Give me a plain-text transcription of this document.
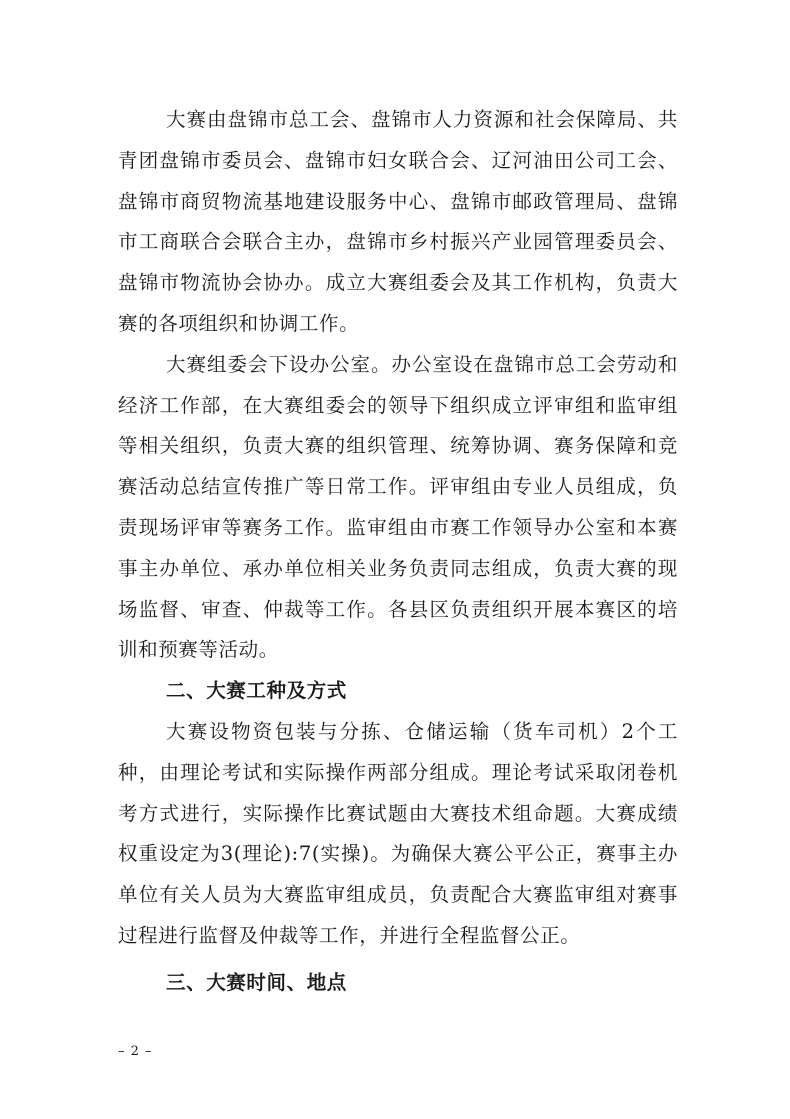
大赛由盘锦市总工会、盘锦市人力资源和社会保障局、共青团盘锦市委员会、盘锦市妇女联合会、辽河油田公司工会、盘锦市商贸物流基地建设服务中心、盘锦市邮政管理局、盘锦市工商联合会联合主办，盘锦市乡村振兴产业园管理委员会、盘锦市物流协会协办。成立大赛组委会及其工作机构，负责大赛的各项组织和协调工作。

大赛组委会下设办公室。办公室设在盘锦市总工会劳动和经济工作部，在大赛组委会的领导下组织成立评审组和监审组等相关组织，负责大赛的组织管理、统筹协调、赛务保障和竞赛活动总结宣传推广等日常工作。评审组由专业人员组成，负责现场评审等赛务工作。监审组由市赛工作领导办公室和本赛事主办单位、承办单位相关业务负责同志组成，负责大赛的现场监督、审查、仲裁等工作。各县区负责组织开展本赛区的培训和预赛等活动。

二、大赛工种及方式

大赛设物资包装与分拣、仓储运输（货车司机）2个工种，由理论考试和实际操作两部分组成。理论考试采取闭卷机考方式进行，实际操作比赛试题由大赛技术组命题。大赛成绩权重设定为3(理论):7(实操)。为确保大赛公平公正，赛事主办单位有关人员为大赛监审组成员，负责配合大赛监审组对赛事过程进行监督及仲裁等工作，并进行全程监督公正。

三、大赛时间、地点

– 2 –
